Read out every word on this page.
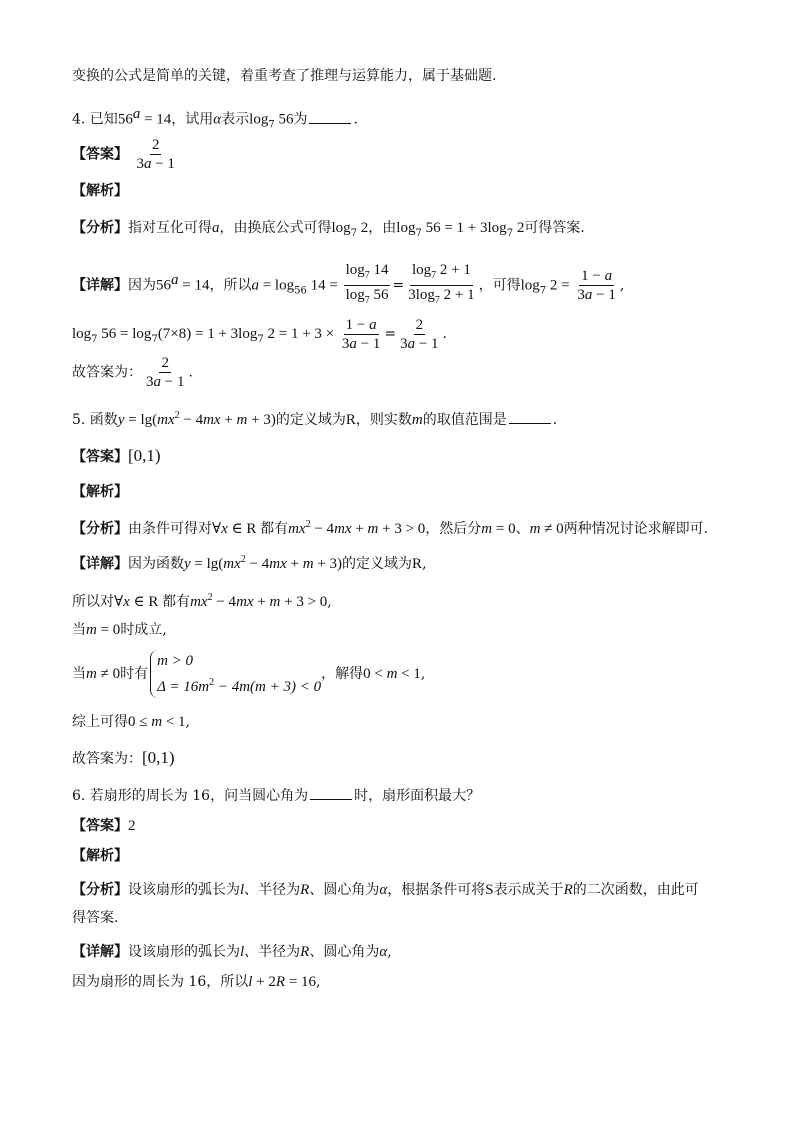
变换的公式是简单的关键，着重考查了推理与运算能力，属于基础题.
4. 已知$56^a = 14$，试用α表示$\log_7 56$为	.
【答案】 $\frac{2}{3a - 1}$
【解析】
【分析】指对互化可得a，由换底公式可得$\log_7 2$，由$\log_7 56 = 1 + 3\log_7$ 2可得答案.
【详解】因为$56^a = 14$，所以$a = \log_{56} 14 = \frac{\log_7 14}{\log_7 56} = \frac{\log_7 2 + 1}{3\log_7 2 + 1}$ ，可得$\log_7 2 = \frac{1 - a}{3a - 1}$ ,
$\log_7 56 = \log_7(7\times 8) = 1 + 3\log_7$ $2 = 1 + 3 \times \frac{1 - a}{3a - 1} = \frac{2}{3a - 1}$ .
故答案为： $\frac{2}{3a - 1}$ .
5. 函数$y = \lg(mx^2 - 4mx + m + 3)$的定义域为R，则实数m的取值范围是	.
【答案】[0,1)
【解析】
【分析】由条件可得对∀x ∈ R 都有$mx^2 - 4mx + m + 3 > 0$，然后分m = 0、m ≠ 0两种情况讨论求解即可.
【详解】因为函数$y = \lg(mx^2 - 4mx + m + 3)$的定义域为R,
所以对∀x ∈ R 都有$mx^2 - 4mx + m + 3 > 0$,
当m = 0时成立,
当m ≠ 0时有
m > 0
$\Delta = 16m^2 - 4m(m + 3) < 0$
，解得0 < m < 1,
综上可得0 ≤ m < 1,
故答案为：[0,1)
6. 若扇形的周长为 16，问当圆心角为	时，扇形面积最大？
【答案】2
【解析】
【分析】设该扇形的弧长为l、半径为R、圆心角为α，根据条件可将S表示成关于R的二次函数，由此可
得答案.
【详解】设该扇形的弧长为l、半径为R、圆心角为α,
因为扇形的周长为 16，所以l + 2R = 16,
